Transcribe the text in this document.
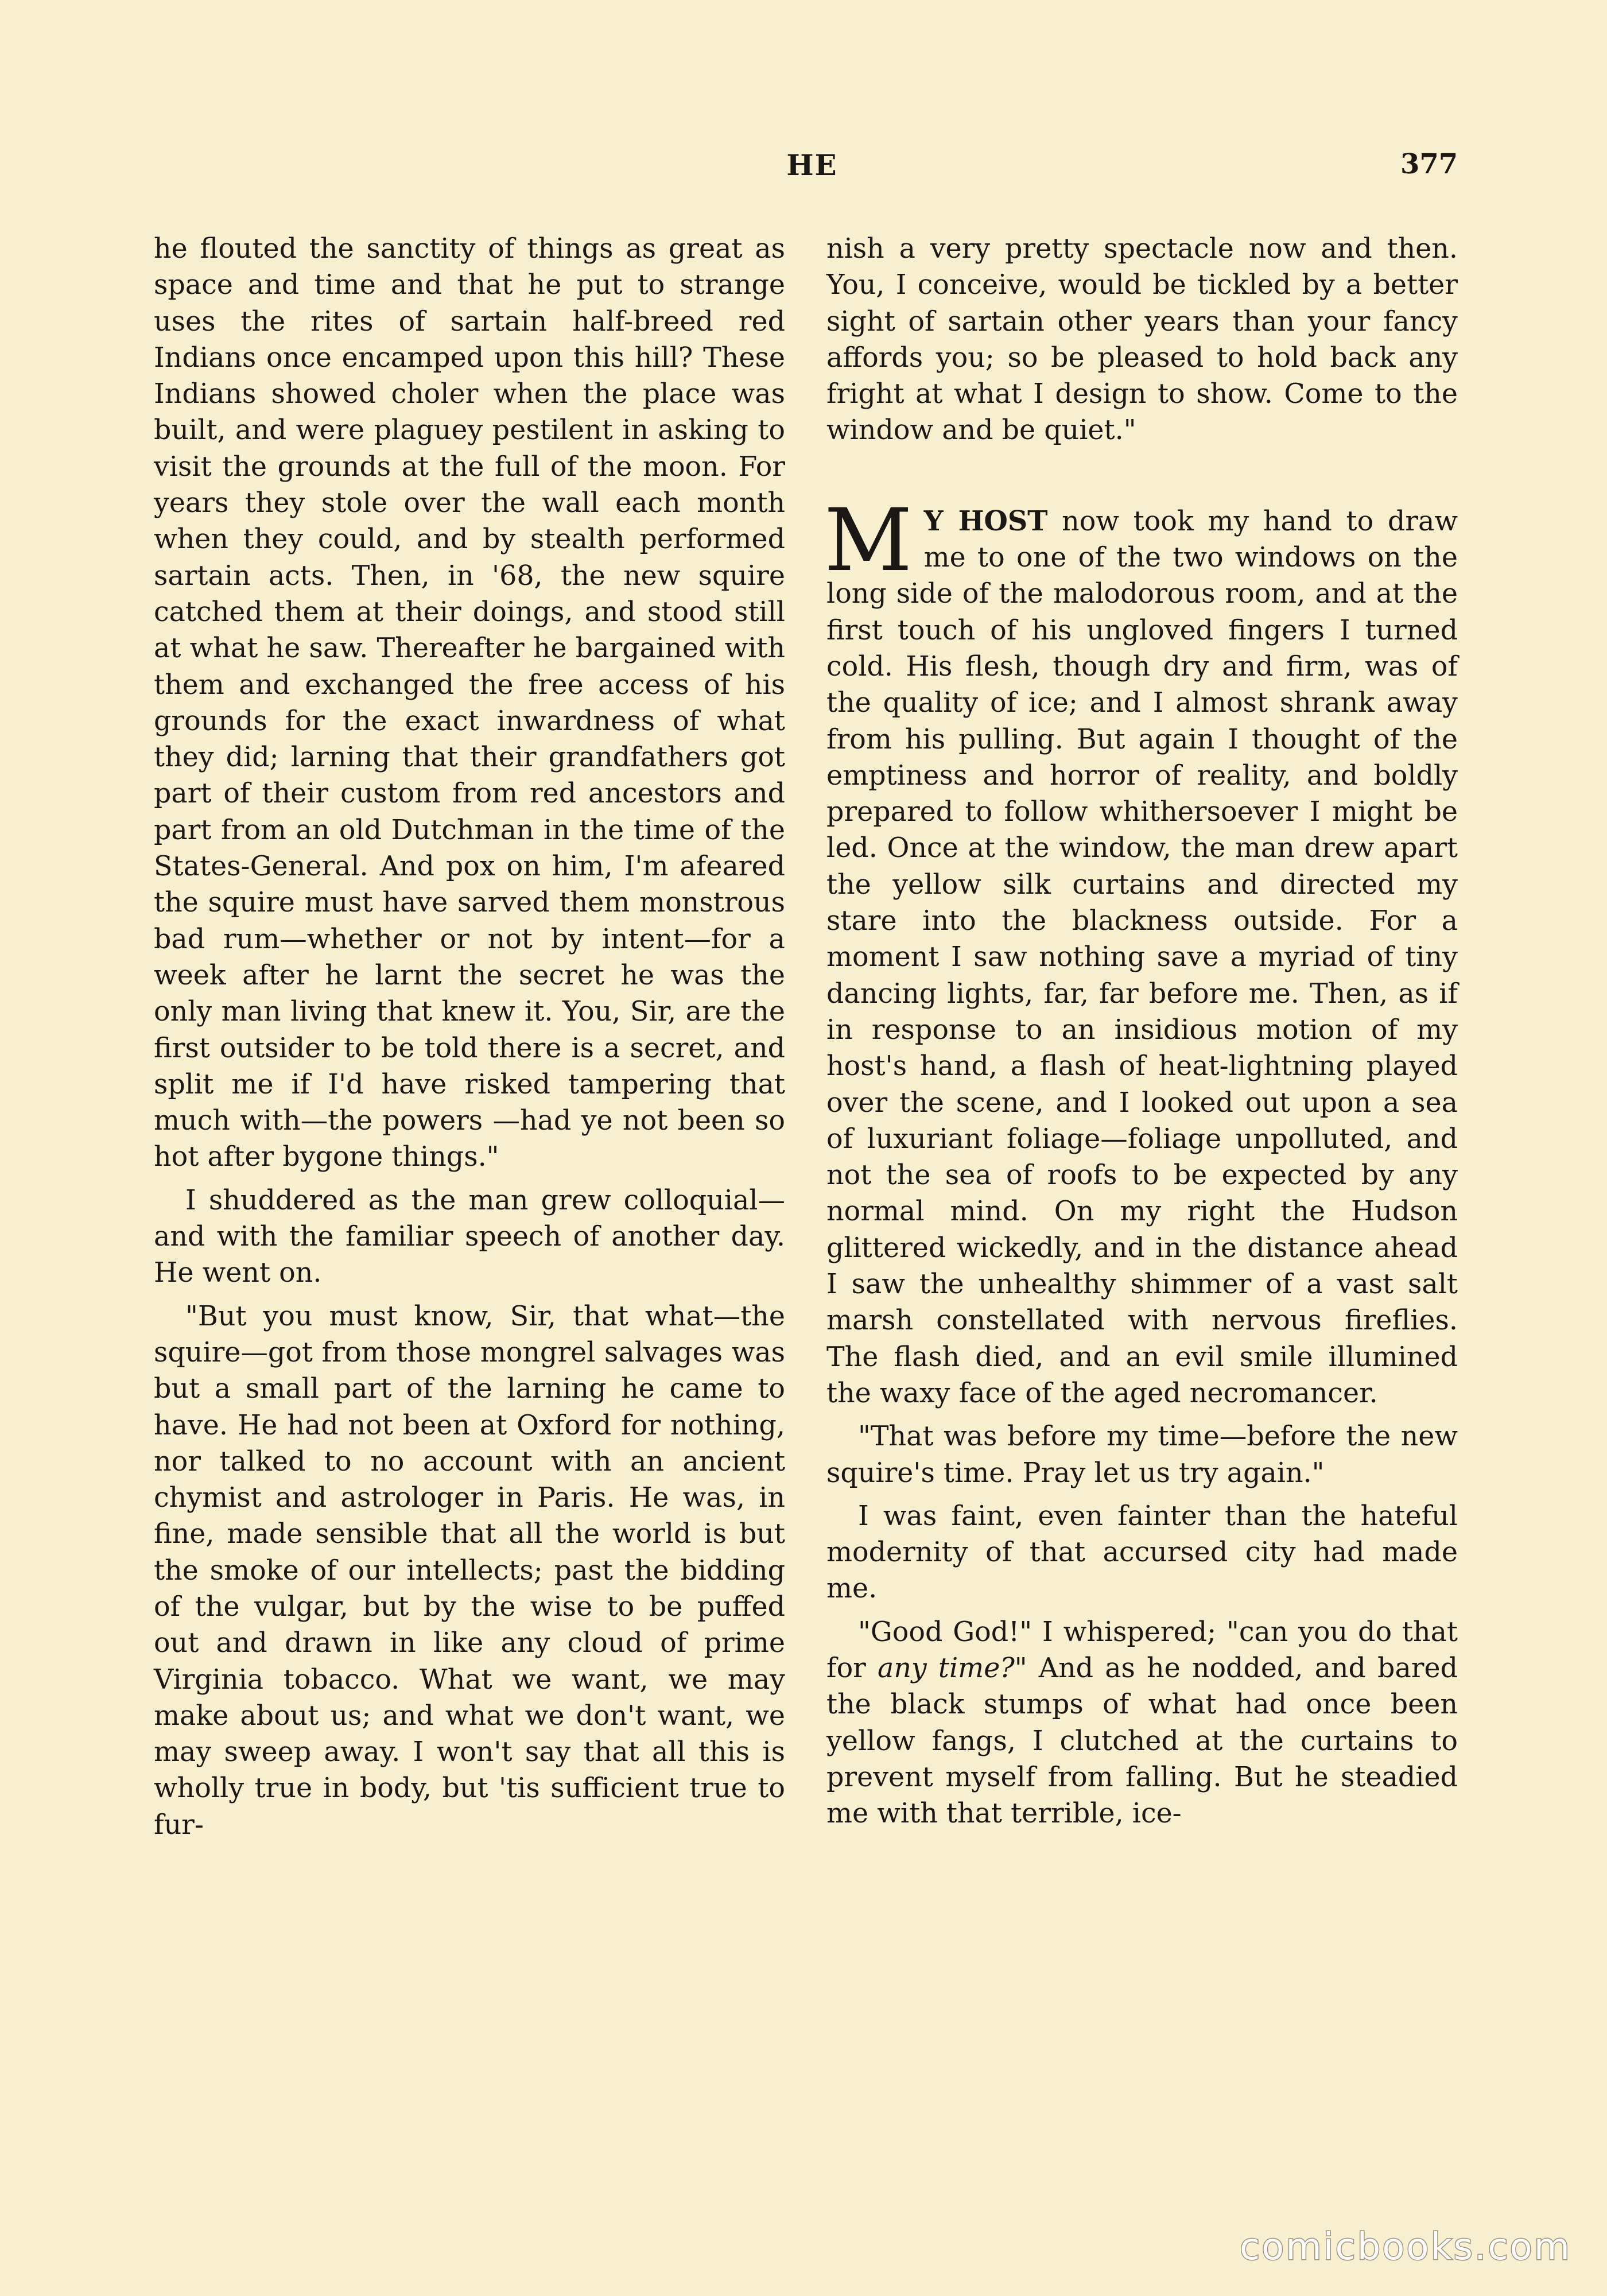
HE	377

he flouted the sanctity of things as great as space and time and that he put to strange uses the rites of sartain half-breed red Indians once encamped upon this hill? These Indians showed choler when the place was built, and were plaguey pestilent in asking to visit the grounds at the full of the moon. For years they stole over the wall each month when they could, and by stealth performed sartain acts. Then, in '68, the new squire catched them at their doings, and stood still at what he saw. Thereafter he bargained with them and exchanged the free access of his grounds for the exact inwardness of what they did; larning that their grandfathers got part of their custom from red ancestors and part from an old Dutchman in the time of the States-General. And pox on him, I'm afeared the squire must have sarved them monstrous bad rum—whether or not by intent—for a week after he larnt the secret he was the only man living that knew it. You, Sir, are the first outsider to be told there is a secret, and split me if I'd have risked tampering that much with—the powers —had ye not been so hot after bygone things."

I shuddered as the man grew colloquial—and with the familiar speech of another day. He went on.

"But you must know, Sir, that what—the squire—got from those mongrel salvages was but a small part of the larning he came to have. He had not been at Oxford for nothing, nor talked to no account with an ancient chymist and astrologer in Paris. He was, in fine, made sensible that all the world is but the smoke of our intellects; past the bidding of the vulgar, but by the wise to be puffed out and drawn in like any cloud of prime Virginia tobacco. What we want, we may make about us; and what we don't want, we may sweep away. I won't say that all this is wholly true in body, but 'tis sufficient true to fur-

nish a very pretty spectacle now and then. You, I conceive, would be tickled by a better sight of sartain other years than your fancy affords you; so be pleased to hold back any fright at what I design to show. Come to the window and be quiet."

M Y HOST now took my hand to draw me to one of the two windows on the long side of the malodorous room, and at the first touch of his ungloved fingers I turned cold. His flesh, though dry and firm, was of the quality of ice; and I almost shrank away from his pulling. But again I thought of the emptiness and horror of reality, and boldly prepared to follow whithersoever I might be led. Once at the window, the man drew apart the yellow silk curtains and directed my stare into the blackness outside. For a moment I saw nothing save a myriad of tiny dancing lights, far, far before me. Then, as if in response to an insidious motion of my host's hand, a flash of heat-lightning played over the scene, and I looked out upon a sea of luxuriant foliage—foliage unpolluted, and not the sea of roofs to be expected by any normal mind. On my right the Hudson glittered wickedly, and in the distance ahead I saw the unhealthy shimmer of a vast salt marsh constellated with nervous fireflies. The flash died, and an evil smile illumined the waxy face of the aged necromancer.

"That was before my time—before the new squire's time. Pray let us try again."

I was faint, even fainter than the hateful modernity of that accursed city had made me.

"Good God!" I whispered; "can you do that for any time?" And as he nodded, and bared the black stumps of what had once been yellow fangs, I clutched at the curtains to prevent myself from falling. But he steadied me with that terrible, ice-

comicbooks.com
